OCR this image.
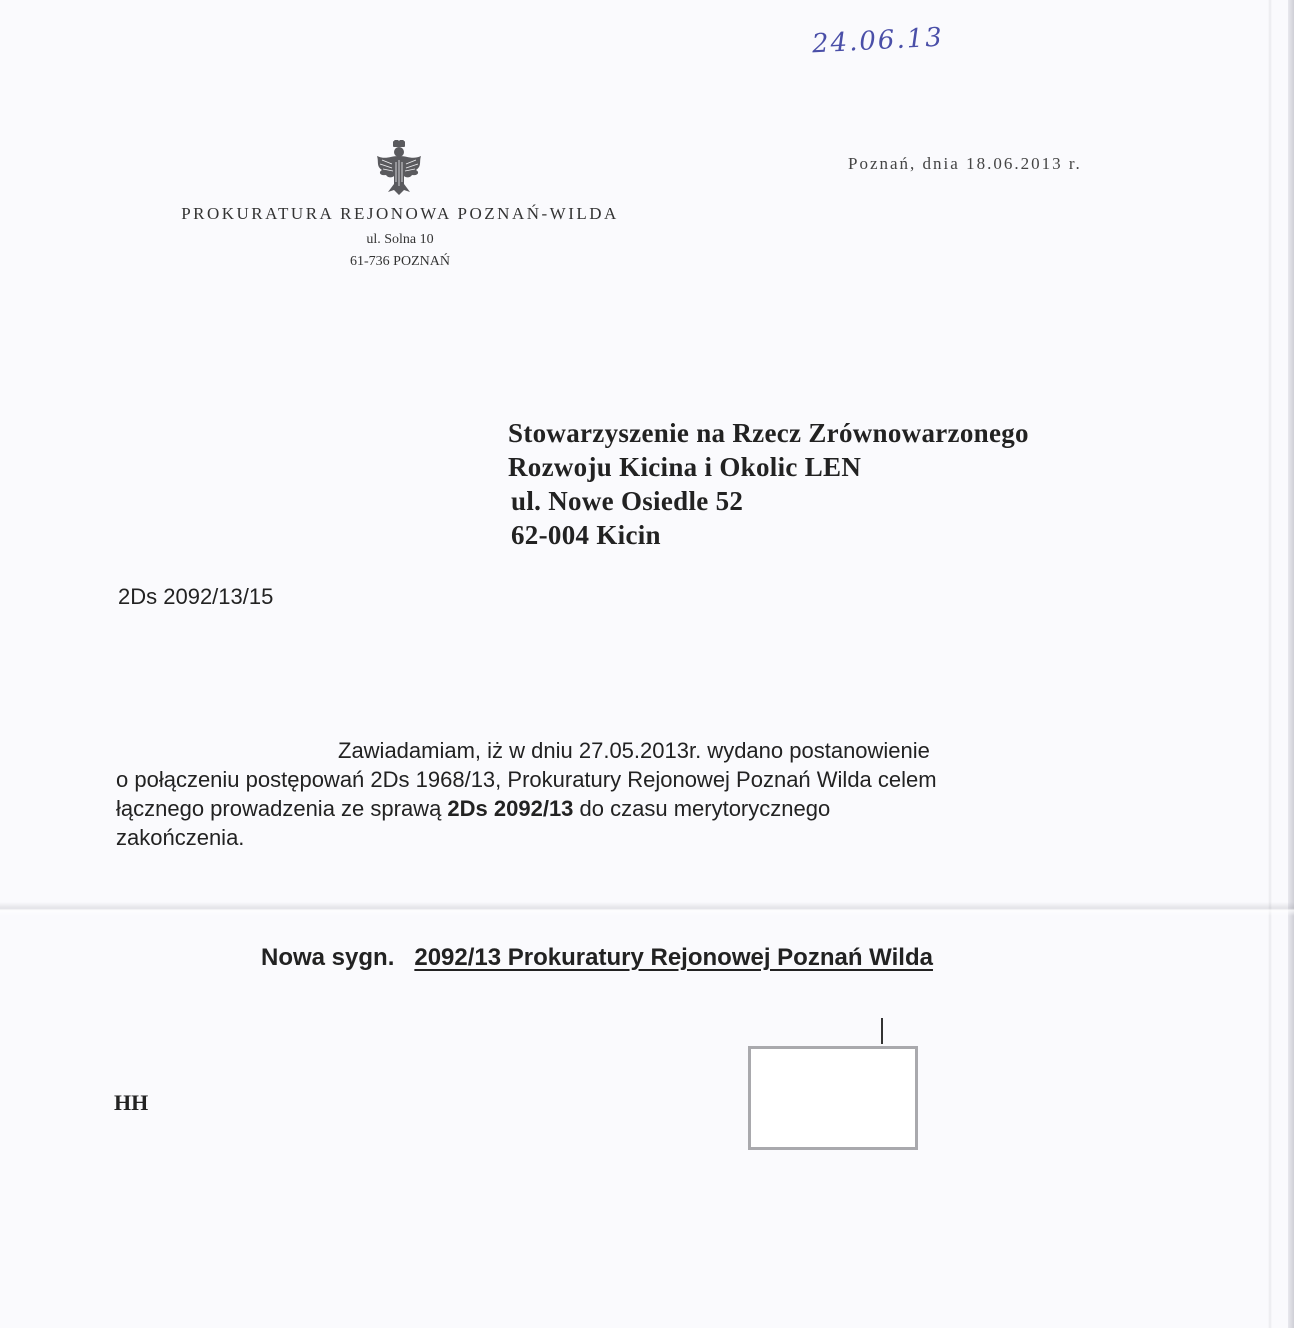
24.06.13
PROKURATURA REJONOWA POZNAŃ-WILDA
ul. Solna 10
61-736 POZNAŃ
Poznań, dnia 18.06.2013 r.
Stowarzyszenie na Rzecz Zrównowarzonego
Rozwoju Kicina i Okolic LEN
ul. Nowe Osiedle 52
62-004 Kicin
2Ds 2092/13/15
Zawiadamiam, iż w dniu 27.05.2013r. wydano postanowienie
o połączeniu postępowań 2Ds 1968/13, Prokuratury Rejonowej Poznań Wilda celem
łącznego prowadzenia ze sprawą 2Ds 2092/13 do czasu merytorycznego
zakończenia.
Nowa sygn. 2092/13 Prokuratury Rejonowej Poznań Wilda
HH
